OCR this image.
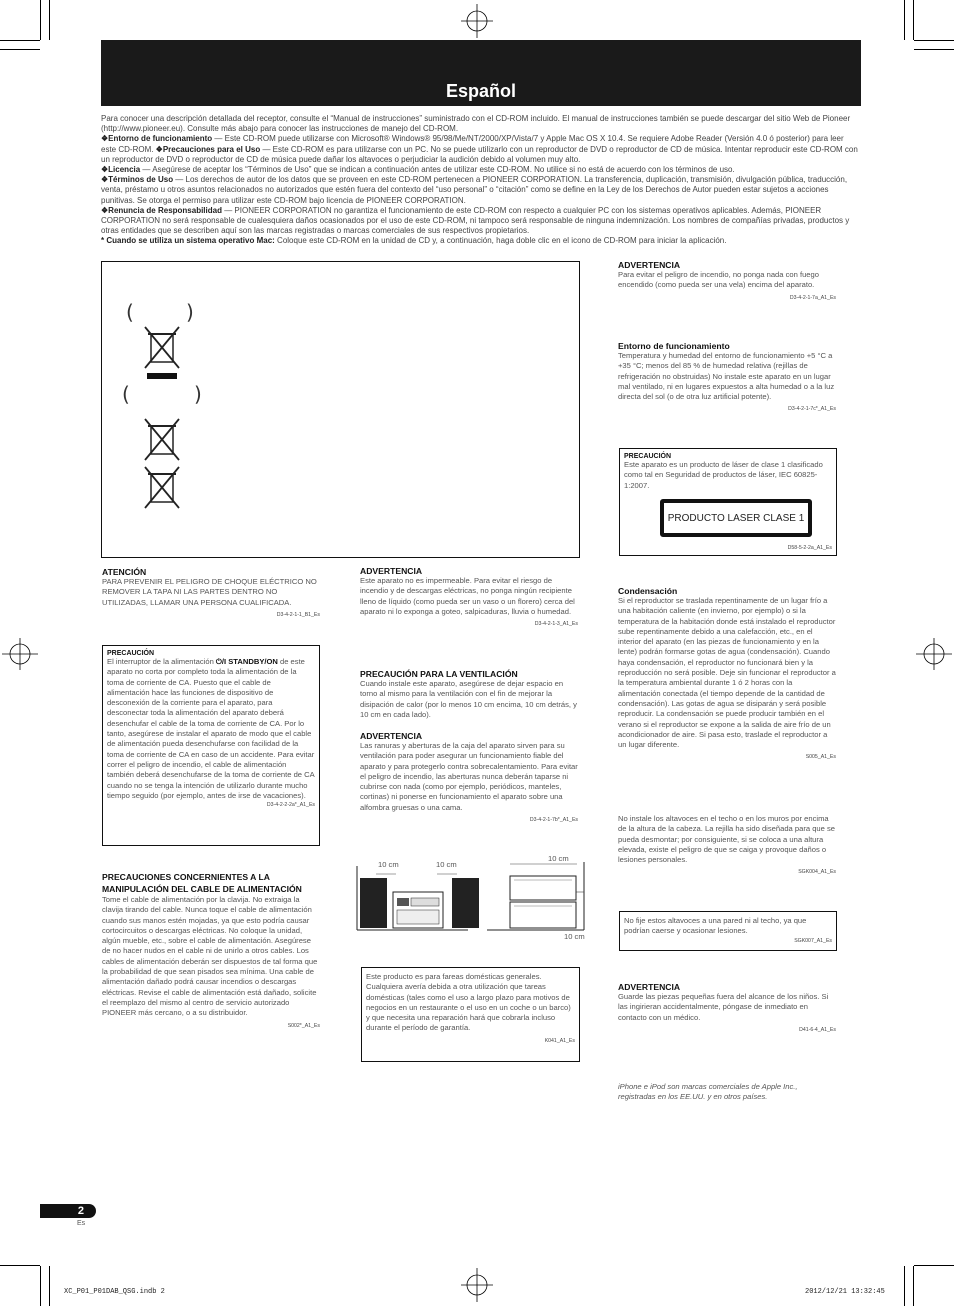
Español

Para conocer una descripción detallada del receptor, consulte el “Manual de instrucciones” suministrado con el CD-ROM incluido. El manual de instrucciones también se puede descargar del sitio Web de Pioneer (http://www.pioneer.eu). Consulte más abajo para conocer las instrucciones de manejo del CD-ROM.

❖Entorno de funcionamiento — Este CD-ROM puede utilizarse con Microsoft® Windows® 95/98/Me/NT/2000/XP/Vista/7 y Apple Mac OS X 10.4. Se requiere Adobe Reader (Versión 4.0 ó posterior) para leer este CD-ROM. ❖Precauciones para el Uso — Este CD-ROM es para utilizarse con un PC. No se puede utilizarlo con un reproductor de DVD o reproductor de CD de música. Intentar reproducir este CD-ROM con un reproductor de DVD o reproductor de CD de música puede dañar los altavoces o perjudiciar la audición debido al volumen muy alto.

❖Licencia — Asegúrese de aceptar los “Términos de Uso” que se indican a continuación antes de utilizar este CD-ROM. No utilice si no está de acuerdo con los términos de uso.

❖Términos de Uso — Los derechos de autor de los datos que se proveen en este CD-ROM pertenecen a PIONEER CORPORATION. La transferencia, duplicación, transmisión, divulgación pública, traducción, venta, préstamo u otros asuntos relacionados no autorizados que estén fuera del contexto del “uso personal” o “citación” como se define en la Ley de los Derechos de Autor pueden estar sujetos a acciones punitivas. Se otorga el permiso para utilizar este CD-ROM bajo licencia de PIONEER CORPORATION.

❖Renuncia de Responsabilidad — PIONEER CORPORATION no garantiza el funcionamiento de este CD-ROM con respecto a cualquier PC con los sistemas operativos aplicables. Además, PIONEER CORPORATION no será responsable de cualesquiera daños ocasionados por el uso de este CD-ROM, ni tampoco será responsable de ninguna indemnización. Los nombres de compañías privadas, productos y otras entidades que se describen aquí son las marcas registradas o marcas comerciales de sus respectivos propietarios.

* Cuando se utiliza un sistema operativo Mac: Coloque este CD-ROM en la unidad de CD y, a continuación, haga doble clic en el icono de CD-ROM para iniciar la aplicación.

(	)
(	)

ATENCIÓN

PARA PREVENIR EL PELIGRO DE CHOQUE ELÉCTRICO NO REMOVER LA TAPA NI LAS PARTES DENTRO NO UTILIZADAS, LLAMAR UNA PERSONA CUALIFICADA.

D3-4-2-1-1_B1_Es

PRECAUCIÓN

El interruptor de la alimentación ⏻/I STANDBY/ON de este aparato no corta por completo toda la alimentación de la toma de corriente de CA. Puesto que el cable de alimentación hace las funciones de dispositivo de desconexión de la corriente para el aparato, para desconectar toda la alimentación del aparato deberá desenchufar el cable de la toma de corriente de CA. Por lo tanto, asegúrese de instalar el aparato de modo que el cable de alimentación pueda desenchufarse con facilidad de la toma de corriente de CA en caso de un accidente. Para evitar correr el peligro de incendio, el cable de alimentación también deberá desenchufarse de la toma de corriente de CA cuando no se tenga la intención de utilizarlo durante mucho tiempo seguido (por ejemplo, antes de irse de vacaciones).

D3-4-2-2-2a*_A1_Es

PRECAUCIONES CONCERNIENTES A LA MANIPULACIÓN DEL CABLE DE ALIMENTACIÓN

Tome el cable de alimentación por la clavija. No extraiga la clavija tirando del cable. Nunca toque el cable de alimentación cuando sus manos estén mojadas, ya que esto podría causar cortocircuitos o descargas eléctricas. No coloque la unidad, algún mueble, etc., sobre el cable de alimentación. Asegúrese de no hacer nudos en el cable ni de unirlo a otros cables. Los cables de alimentación deberán ser dispuestos de tal forma que la probabilidad de que sean pisados sea mínima. Una cable de alimentación dañado podrá causar incendios o descargas eléctricas. Revise el cable de alimentación está dañado, solicite el reemplazo del mismo al centro de servicio autorizado PIONEER más cercano, o a su distribuidor.

S002*_A1_Es

ADVERTENCIA

Este aparato no es impermeable. Para evitar el riesgo de incendio y de descargas eléctricas, no ponga ningún recipiente lleno de líquido (como pueda ser un vaso o un florero) cerca del aparato ni lo exponga a goteo, salpicaduras, lluvia o humedad.

D3-4-2-1-3_A1_Es

PRECAUCIÓN PARA LA VENTILACIÓN

Cuando instale este aparato, asegúrese de dejar espacio en torno al mismo para la ventilación con el fin de mejorar la disipación de calor (por lo menos 10 cm encima, 10 cm detrás, y 10 cm en cada lado).

ADVERTENCIA

Las ranuras y aberturas de la caja del aparato sirven para su ventilación para poder asegurar un funcionamiento fiable del aparato y para protegerlo contra sobrecalentamiento. Para evitar el peligro de incendio, las aberturas nunca deberán taparse ni cubrirse con nada (como por ejemplo, periódicos, manteles, cortinas) ni ponerse en funcionamiento el aparato sobre una alfombra gruesas o una cama.

D3-4-2-1-7b*_A1_Es
10 cm	10 cm
10 cm
10 cm

Este producto es para fareas domésticas generales. Cualquiera avería debida a otra utilización que tareas domésticas (tales como el uso a largo plazo para motivos de negocios en un restaurante o el uso en un coche o un barco) y que necesita una reparación hará que cobrarla incluso durante el período de garantía.

K041_A1_Es

ADVERTENCIA

Para evitar el peligro de incendio, no ponga nada con fuego encendido (como pueda ser una vela) encima del aparato.

D3-4-2-1-7a_A1_Es

Entorno de funcionamiento

Temperatura y humedad del entorno de funcionamiento +5 °C a +35 °C; menos del 85 % de humedad relativa (rejillas de refrigeración no obstruidas) No instale este aparato en un lugar mal ventilado, ni en lugares expuestos a alta humedad o a la luz directa del sol (o de otra luz artificial potente).

D3-4-2-1-7c*_A1_Es

PRECAUCIÓN

Este aparato es un producto de láser de clase 1 clasificado como tal en Seguridad de productos de láser, IEC 60825-1:2007.

PRODUCTO LASER CLASE 1
D58-5-2-2a_A1_Es

Condensación

Si el reproductor se traslada repentinamente de un lugar frío a una habitación caliente (en invierno, por ejemplo) o si la temperatura de la habitación donde está instalado el reproductor sube repentinamente debido a una calefacción, etc., en el interior del aparato (en las piezas de funcionamiento y en la lente) podrán formarse gotas de agua (condensación). Cuando haya condensación, el reproductor no funcionará bien y la reproducción no será posible. Deje sin funcionar el reproductor a la temperatura ambiental durante 1 ó 2 horas con la alimentación conectada (el tiempo depende de la cantidad de condensación). Las gotas de agua se disiparán y será posible reproducir. La condensación se puede producir también en el verano si el reproductor se expone a la salida de aire frío de un acondicionador de aire. Si pasa esto, traslade el reproductor a un lugar diferente.

S005_A1_Es

No instale los altavoces en el techo o en los muros por encima de la altura de la cabeza. La rejilla ha sido diseñada para que se pueda desmontar; por consiguiente, si se coloca a una altura elevada, existe el peligro de que se caiga y provoque daños o lesiones personales.

SGK004_A1_Es

No fije estos altavoces a una pared ni al techo, ya que podrían caerse y ocasionar lesiones.

SGK007_A1_Es

ADVERTENCIA

Guarde las piezas pequeñas fuera del alcance de los niños. Si las ingirieran accidentalmente, póngase de inmediato en contacto con un médico.

D41-6-4_A1_Es

iPhone e iPod son marcas comerciales de Apple Inc., registradas en los EE.UU. y en otros países.

2
Es
XC_P01_P01DAB_QSG.indb 2	2012/12/21 13:32:45
